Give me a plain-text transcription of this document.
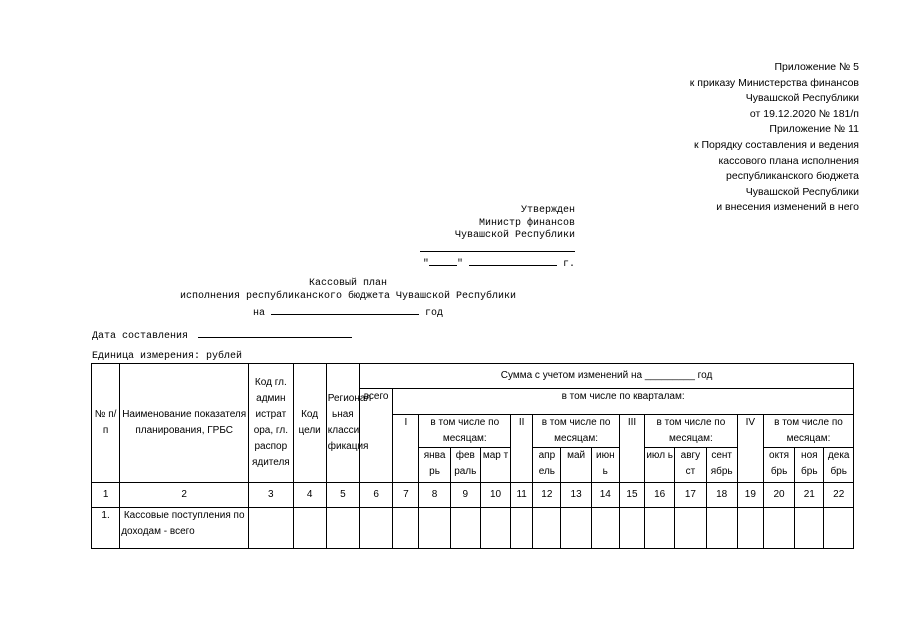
Приложение № 5
к приказу Министерства финансов
Чувашской Республики
от 19.12.2020 № 181/п
Приложение № 11
к Порядку составления и ведения
кассового плана исполнения
республиканского бюджета
Чувашской Республики
и внесения изменений в него
Утвержден
Министр финансов
Чувашской Республики
"	"	г.
Кассовый план
исполнения республиканского бюджета Чувашской Республики
на	год
Дата составления
Единица измерения: рублей
№ п/п	Наименование показателя планирования, ГРБС	Код гл. админ истрат ора, гл. распор ядителя	Код цели	Регионал ьная класси фикация	Сумма с учетом изменений на _________ год																
					всего	в том числе по кварталам:															
						I	в том числе по месяцам:			II	в том числе по месяцам:			III	в том числе по месяцам:			IV	в том числе по месяцам:		
							янва рь	фев раль	мар т		апр ель	май	июн ь		июл ь	авгу ст	сент ябрь		октя брь	ноя брь	дека брь
1	2	3	4	5	6	7	8	9	10	11	12	13	14	15	16	17	18	19	20	21	22
1.	Кассовые поступления по доходам - всего																				
